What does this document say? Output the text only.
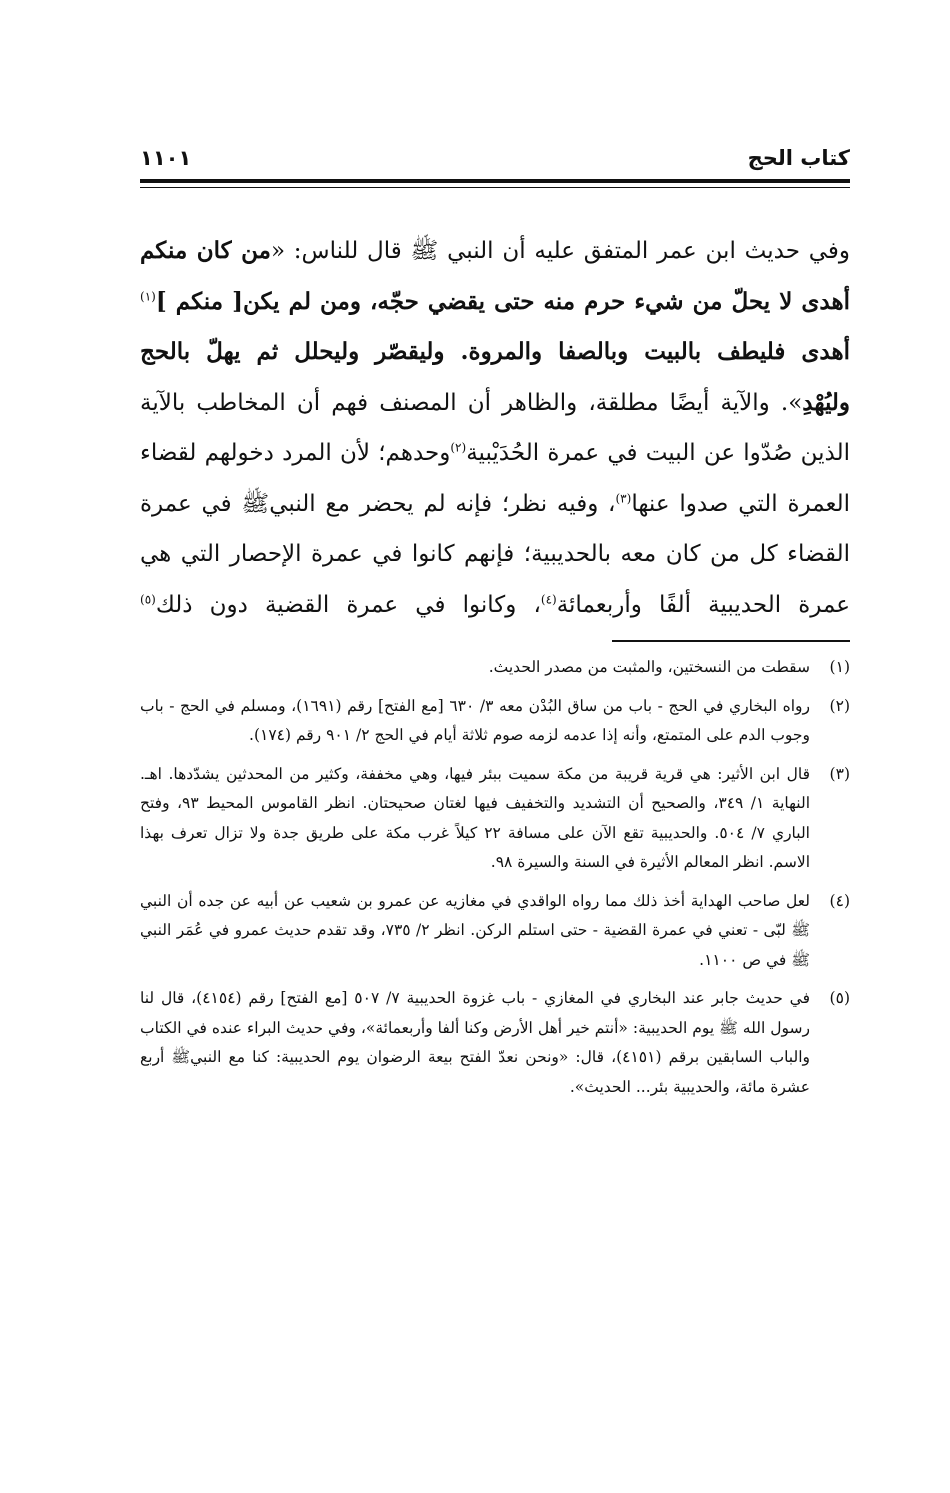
كتاب الحج
١١٠١

وفي حديث ابن عمر المتفق عليه أن النبي ﷺ قال للناس: «من كان منكم أهدى لا يحلّ من شيء حرم منه حتى يقضي حجّه، ومن لم يكن[ منكم ]$^{(١)}$ أهدى فليطف بالبيت وبالصفا والمروة. وليقصّر وليحلل ثم يهلّ بالحج وليُهْدِ». والآية أيضًا مطلقة، والظاهر أن المصنف فهم أن المخاطب بالآية الذين صُدّوا عن البيت في عمرة الحُدَيْبية$^{(٢)}$وحدهم؛ لأن المرد دخولهم لقضاء العمرة التي صدوا عنها$^{(٣)}$، وفيه نظر؛ فإنه لم يحضر مع النبيﷺ في عمرة القضاء كل من كان معه بالحديبية؛ فإنهم كانوا في عمرة الإحصار التي هي عمرة الحديبية ألفًا وأربعمائة$^{(٤)}$، وكانوا في عمرة القضية دون ذلك$^{(٥)}$

(١)
سقطت من النسختين، والمثبت من مصدر الحديث.
(٢)
رواه البخاري في الحج - باب من ساق البُدْن معه ٣/ ٦٣٠ [مع الفتح] رقم (١٦٩١)، ومسلم في الحج - باب وجوب الدم على المتمتع، وأنه إذا عدمه لزمه صوم ثلاثة أيام في الحج ٢/ ٩٠١ رقم (١٧٤).
(٣)
قال ابن الأثير: هي قرية قريبة من مكة سميت ببئر فيها، وهي مخففة، وكثير من المحدثين يشدّدها. اهـ. النهاية ١/ ٣٤٩، والصحيح أن التشديد والتخفيف فيها لغتان صحيحتان. انظر القاموس المحيط ٩٣، وفتح الباري ٧/ ٥٠٤. والحديبية تقع الآن على مسافة ٢٢ كيلاً غرب مكة على طريق جدة ولا تزال تعرف بهذا الاسم. انظر المعالم الأثيرة في السنة والسيرة ٩٨.
(٤)
لعل صاحب الهداية أخذ ذلك مما رواه الواقدي في مغازيه عن عمرو بن شعيب عن أبيه عن جده أن النبي ﷺ لبّى - تعني في عمرة القضية - حتى استلم الركن. انظر ٢/ ٧٣٥، وقد تقدم حديث عمرو في عُمَر النبي ﷺ في ص ١١٠٠.
(٥)
في حديث جابر عند البخاري في المغازي - باب غزوة الحديبية ٧/ ٥٠٧ [مع الفتح] رقم (٤١٥٤)، قال لنا رسول الله ﷺ يوم الحديبية: «أنتم خير أهل الأرض وكنا ألفا وأربعمائة»، وفي حديث البراء عنده في الكتاب والباب السابقين برقم (٤١٥١)، قال: «ونحن نعدّ الفتح بيعة الرضوان يوم الحديبية: كنا مع النبيﷺ أربع عشرة مائة، والحديبية بئر... الحديث».
